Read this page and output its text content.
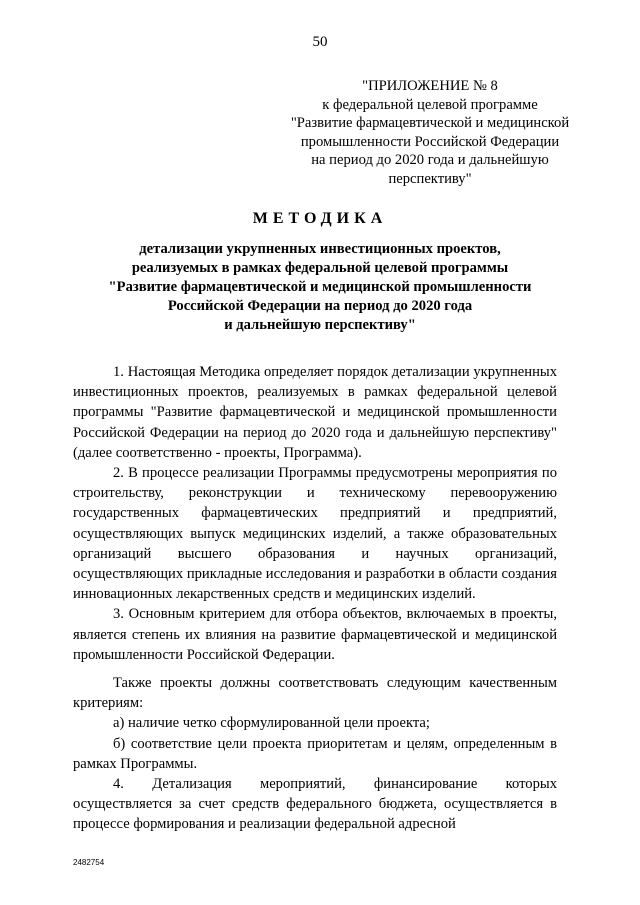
50
"ПРИЛОЖЕНИЕ № 8
к федеральной целевой программе
"Развитие фармацевтической и медицинской
промышленности Российской Федерации
на период до 2020 года и дальнейшую
перспективу"
МЕТОДИКА
детализации укрупненных инвестиционных проектов,
реализуемых в рамках федеральной целевой программы
"Развитие фармацевтической и медицинской промышленности
Российской Федерации на период до 2020 года
и дальнейшую перспективу"

1. Настоящая Методика определяет порядок детализации укрупненных инвестиционных проектов, реализуемых в рамках федеральной целевой программы "Развитие фармацевтической и медицинской промышленности Российской Федерации на период до 2020 года и дальнейшую перспективу" (далее соответственно - проекты, Программа).

2. В процессе реализации Программы предусмотрены мероприятия по строительству, реконструкции и техническому перевооружению государственных фармацевтических предприятий и предприятий, осуществляющих выпуск медицинских изделий, а также образовательных организаций высшего образования и научных организаций, осуществляющих прикладные исследования и разработки в области создания инновационных лекарственных средств и медицинских изделий.

3. Основным критерием для отбора объектов, включаемых в проекты, является степень их влияния на развитие фармацевтической и медицинской промышленности Российской Федерации.

Также проекты должны соответствовать следующим качественным критериям:

а) наличие четко сформулированной цели проекта;

б) соответствие цели проекта приоритетам и целям, определенным в рамках Программы.

4. Детализация мероприятий, финансирование которых осуществляется за счет средств федерального бюджета, осуществляется в процессе формирования и реализации федеральной адресной

2482754
